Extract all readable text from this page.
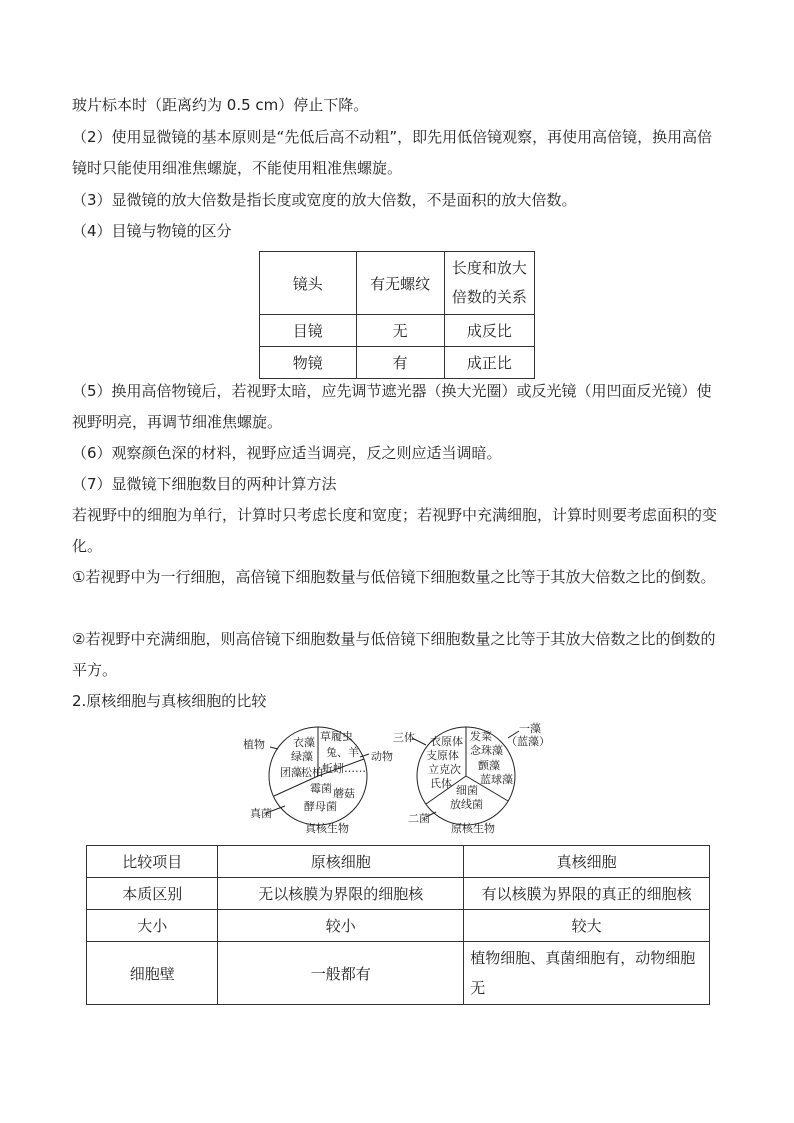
玻片标本时（距离约为 0.5 cm）停止下降。

（2）使用显微镜的基本原则是“先低后高不动粗”，即先用低倍镜观察，再使用高倍镜，换用高倍镜时只能使用细准焦螺旋，不能使用粗准焦螺旋。

（3）显微镜的放大倍数是指长度或宽度的放大倍数，不是面积的放大倍数。

（4）目镜与物镜的区分

镜头	有无螺纹	长度和放大倍数的关系
目镜	无	成反比
物镜	有	成正比

（5）换用高倍物镜后，若视野太暗，应先调节遮光器（换大光圈）或反光镜（用凹面反光镜）使视野明亮，再调节细准焦螺旋。

（6）观察颜色深的材料，视野应适当调亮，反之则应适当调暗。

（7）显微镜下细胞数目的两种计算方法

若视野中的细胞为单行，计算时只考虑长度和宽度；若视野中充满细胞，计算时则要考虑面积的变化。

①若视野中为一行细胞，高倍镜下细胞数量与低倍镜下细胞数量之比等于其放大倍数之比的倒数。

②若视野中充满细胞，则高倍镜下细胞数量与低倍镜下细胞数量之比等于其放大倍数之比的倒数的平方。

2.原核细胞与真核细胞的比较

植物
动物
真菌
真核生物
衣藻
绿藻
团藻 松柏
草履虫
兔、羊
蚯蚓……
霉菌 蘑菇
酵母菌
三体
一藻
（蓝藻）
二菌
原核生物
衣原体
支原体
立克次
氏体
发菜
念珠藻
颤藻
蓝球藻
细菌
放线菌
比较项目	原核细胞	真核细胞
本质区别	无以核膜为界限的细胞核	有以核膜为界限的真正的细胞核
大小	较小	较大
细胞壁	一般都有	植物细胞、真菌细胞有，动物细胞无
